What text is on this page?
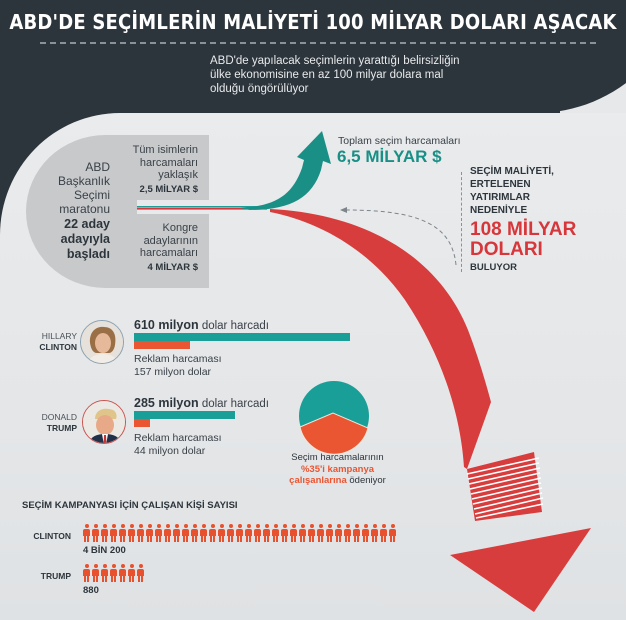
ABD'DE SEÇİMLERİN MALİYETİ 100 MİLYAR DOLARI AŞACAK
ABD'de yapılacak seçimlerin yarattığı belirsizliğin
ülke ekonomisine en az 100 milyar dolara mal
olduğu öngörülüyor
ABD
Başkanlık
Seçimi
maratonu
22 aday
adayıyla
başladı
Tüm isimlerin
harcamaları
yaklaşık
2,5 MİLYAR $
Kongre
adaylarının
harcamaları
4 MİLYAR $
Toplam seçim harcamaları
6,5 MİLYAR $
SEÇİM MALİYETİ,
ERTELENEN
YATIRIMLAR
NEDENİYLE
108 MİLYAR
DOLARI
BULUYOR
HILLARY
CLINTON
610 milyon dolar harcadı
Reklam harcaması
157 milyon dolar
DONALD
TRUMP
285 milyon dolar harcadı
Reklam harcaması
44 milyon dolar
Seçim harcamalarının
%35'i kampanya
çalışanlarına ödeniyor
SEÇİM KAMPANYASI İÇİN ÇALIŞAN KİŞİ SAYISI
CLINTON
4 BİN 200
TRUMP
880
